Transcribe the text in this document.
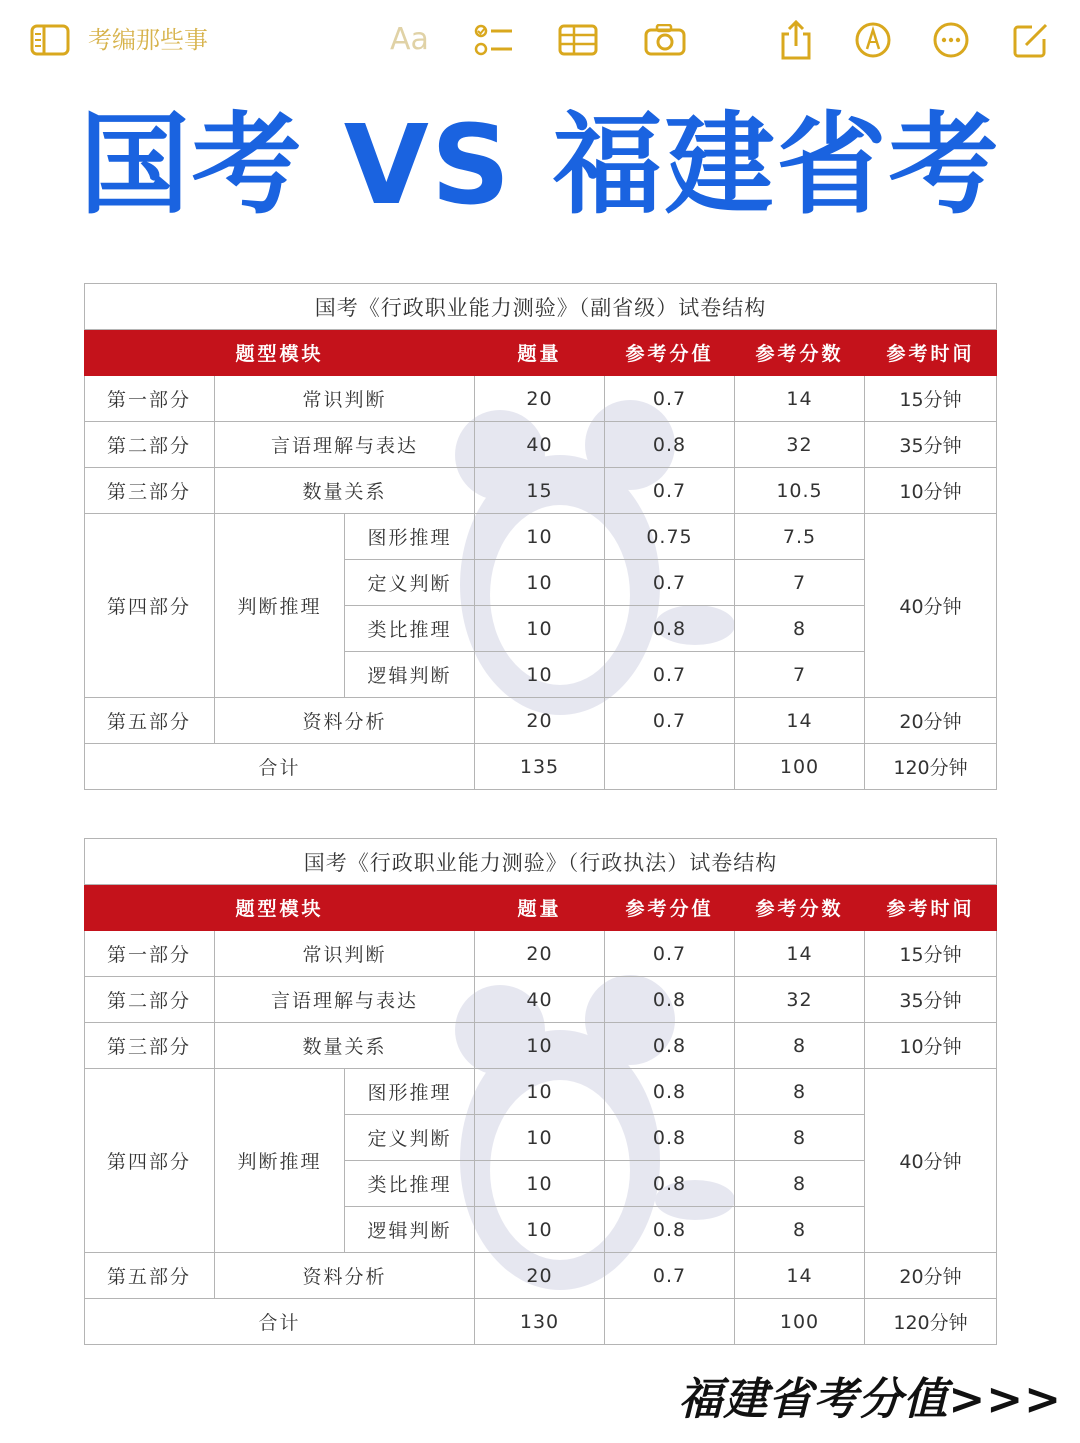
考编那些事	Aa
国考 VS 福建省考
国考《行政职业能力测验》（副省级）试卷结构						
题型模块			题量	参考分值	参考分数	参考时间
第一部分	常识判断		20	0.7	14	15分钟
第二部分	言语理解与表达		40	0.8	32	35分钟
第三部分	数量关系		15	0.7	10.5	10分钟
第四部分	判断推理	图形推理	10	0.75	7.5	40分钟
		定义判断	10	0.7	7	
		类比推理	10	0.8	8	
		逻辑判断	10	0.7	7	
第五部分	资料分析		20	0.7	14	20分钟
合计			135		100	120分钟
国考《行政职业能力测验》（行政执法）试卷结构						
题型模块			题量	参考分值	参考分数	参考时间
第一部分	常识判断		20	0.7	14	15分钟
第二部分	言语理解与表达		40	0.8	32	35分钟
第三部分	数量关系		10	0.8	8	10分钟
第四部分	判断推理	图形推理	10	0.8	8	40分钟
		定义判断	10	0.8	8	
		类比推理	10	0.8	8	
		逻辑判断	10	0.8	8	
第五部分	资料分析		20	0.7	14	20分钟
合计			130		100	120分钟
福建省考分值>>>
